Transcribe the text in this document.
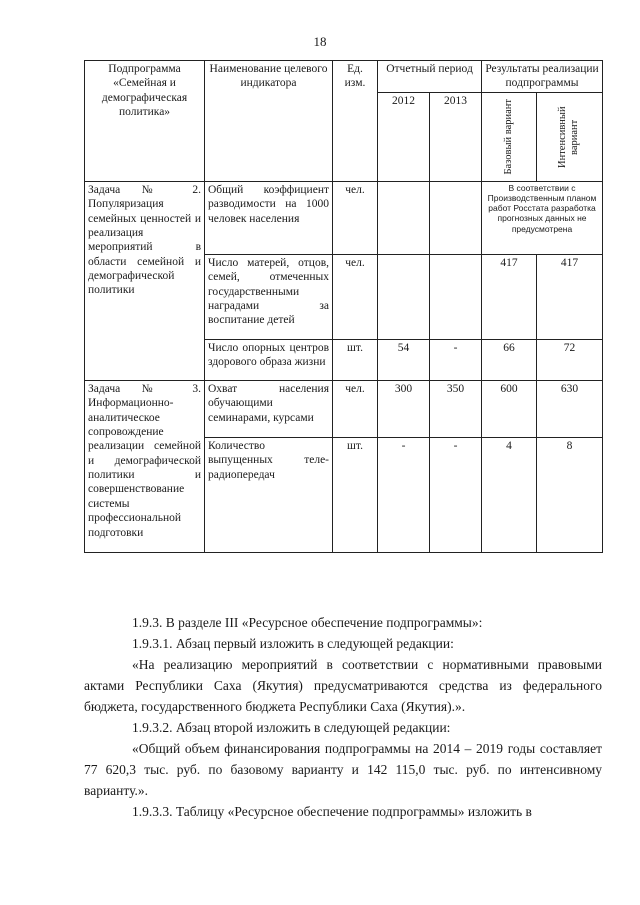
18
Подпрограмма «Семейная и демографическая политика»	Наименование целевого индикатора	Ед. изм.	Отчетный период		Результаты реализации подпрограммы	
			2012	2013	Базовый вариант	Интенсивный вариант

Задача № 2. Популяризация семейных ценностей и реализация мероприятий в области семейной и демографической политики	Общий коэффициент разводимости на 1000 человек населения	чел.			В соответствии с Производственным планом работ Росстата разработка прогнозных данных не предусмотрена	
	Число матерей, отцов, семей, отмеченных государственными наградами за воспитание детей	чел.			417	417
	Число опорных центров здорового образа жизни	шт.	54	-	66	72
Задача № 3. Информационно-аналитическое сопровождение реализации семейной и демографической политики и совершенствование системы профессиональной подготовки	Охват населения обучающими семинарами, курсами	чел.	300	350	600	630
	Количество выпущенных теле-радиопередач	шт.	-	-	4	8

1.9.3. В разделе III «Ресурсное обеспечение подпрограммы»:

1.9.3.1. Абзац первый изложить в следующей редакции:

«На реализацию мероприятий в соответствии с нормативными правовыми актами Республики Саха (Якутия) предусматриваются средства из федерального бюджета, государственного бюджета Республики Саха (Якутия).».

1.9.3.2. Абзац второй изложить в следующей редакции:

«Общий объем финансирования подпрограммы на 2014 – 2019 годы составляет 77 620,3 тыс. руб. по базовому варианту и 142 115,0 тыс. руб. по интенсивному варианту.».

1.9.3.3. Таблицу «Ресурсное обеспечение подпрограммы» изложить в
